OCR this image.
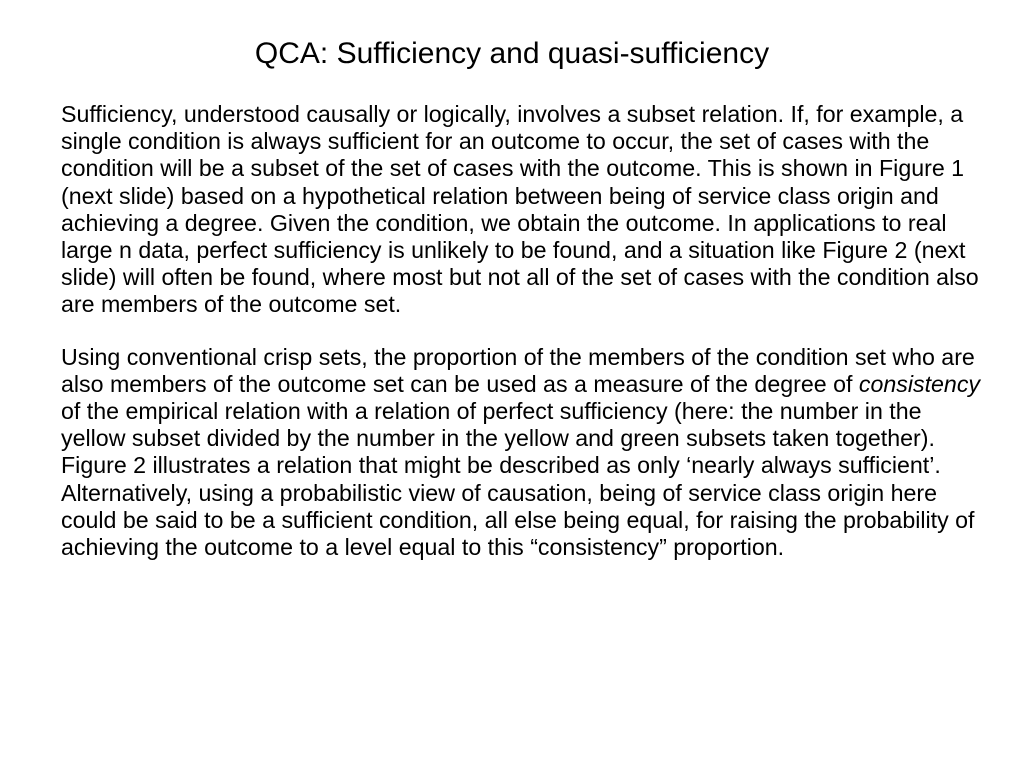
QCA: Sufficiency and quasi-sufficiency

Sufficiency, understood causally or logically, involves a subset relation. If, for example, a single condition is always sufficient for an outcome to occur, the set of cases with the condition will be a subset of the set of cases with the outcome. This is shown in Figure 1 (next slide) based on a hypothetical relation between being of service class origin and achieving a degree. Given the condition, we obtain the outcome. In applications to real large n data, perfect sufficiency is unlikely to be found, and a situation like Figure 2 (next slide) will often be found, where most but not all of the set of cases with the condition also are members of the outcome set.

Using conventional crisp sets, the proportion of the members of the condition set who are also members of the outcome set can be used as a measure of the degree of consistency of the empirical relation with a relation of perfect sufficiency (here: the number in the yellow subset divided by the number in the yellow and green subsets taken together). Figure 2 illustrates a relation that might be described as only ‘nearly always sufficient’. Alternatively, using a probabilistic view of causation, being of service class origin here could be said to be a sufficient condition, all else being equal, for raising the probability of achieving the outcome to a level equal to this “consistency” proportion.
